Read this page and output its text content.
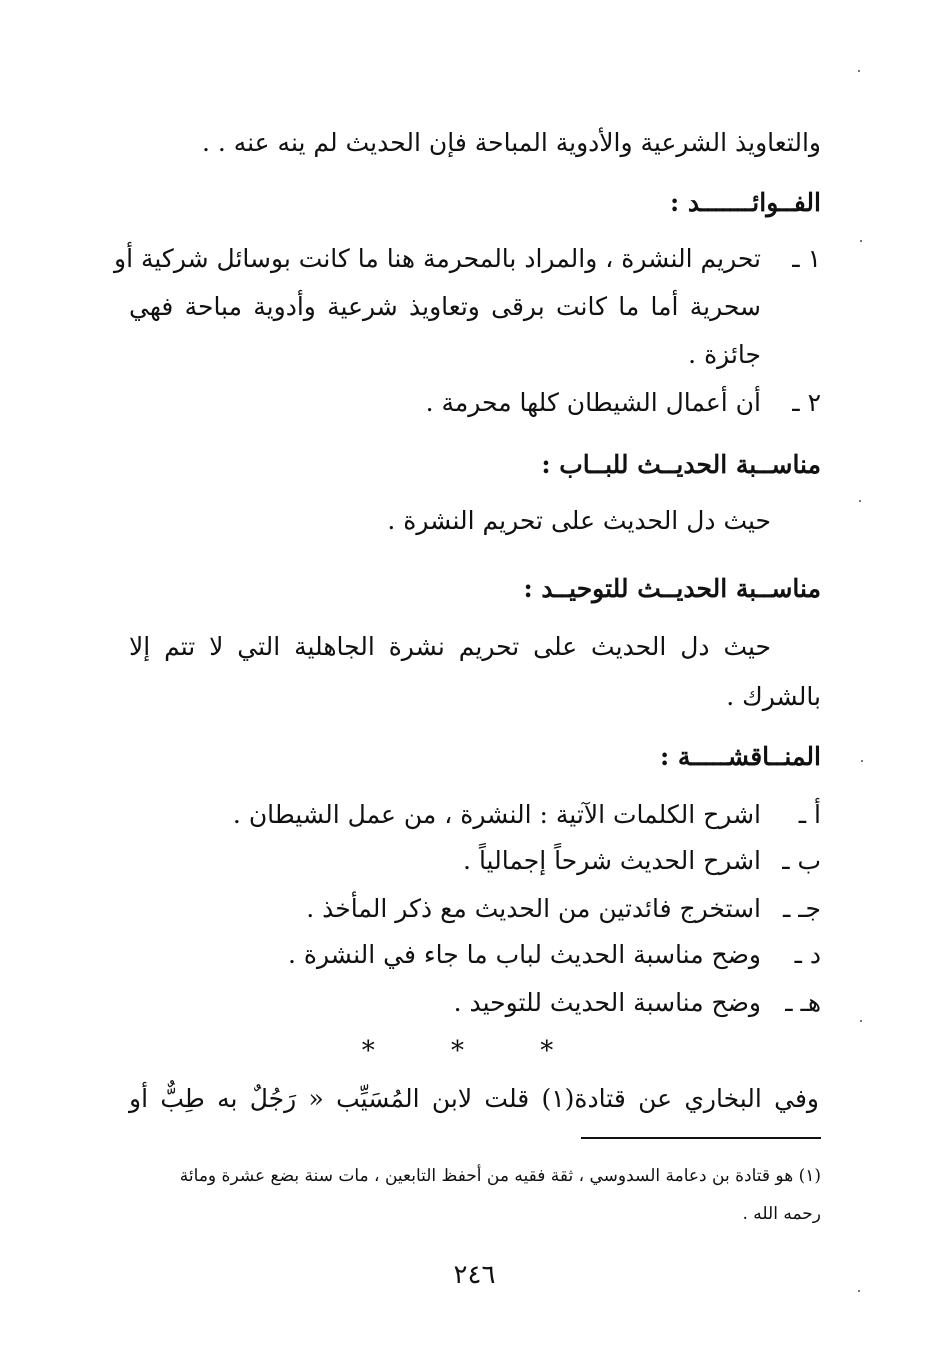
والتعاويذ الشرعية والأدوية المباحة فإن الحديث لم ينه عنه . .
الفــوائـــــــد :
١ ـتحريم النشرة ، والمراد بالمحرمة هنا ما كانت بوسائل شركية أو
سحرية أما ما كانت برقى وتعاويذ شرعية وأدوية مباحة فهي
جائزة .
٢ ـأن أعمال الشيطان كلها محرمة .
مناســبة الحديــث للبــاب :
حيث دل الحديث على تحريم النشرة .
مناســبة الحديــث للتوحيــد :
حيث دل الحديث على تحريم نشرة الجاهلية التي لا تتم إلا
بالشرك .
المنــاقشـــــة :
أ ـاشرح الكلمات الآتية : النشرة ، من عمل الشيطان .
ب ـاشرح الحديث شرحاً إجمالياً .
جـ ـاستخرج فائدتين من الحديث مع ذكر المأخذ .
د ـوضح مناسبة الحديث لباب ما جاء في النشرة .
هـ ـوضح مناسبة الحديث للتوحيد .
* * *
وفي البخاري عن قتادة(١) قلت لابن المُسَيِّب « رَجُلٌ به طِبٌّ أو
(١) هو قتادة بن دعامة السدوسي ، ثقة فقيه من أحفظ التابعين ، مات سنة بضع عشرة ومائة
رحمه الله .
٢٤٦
